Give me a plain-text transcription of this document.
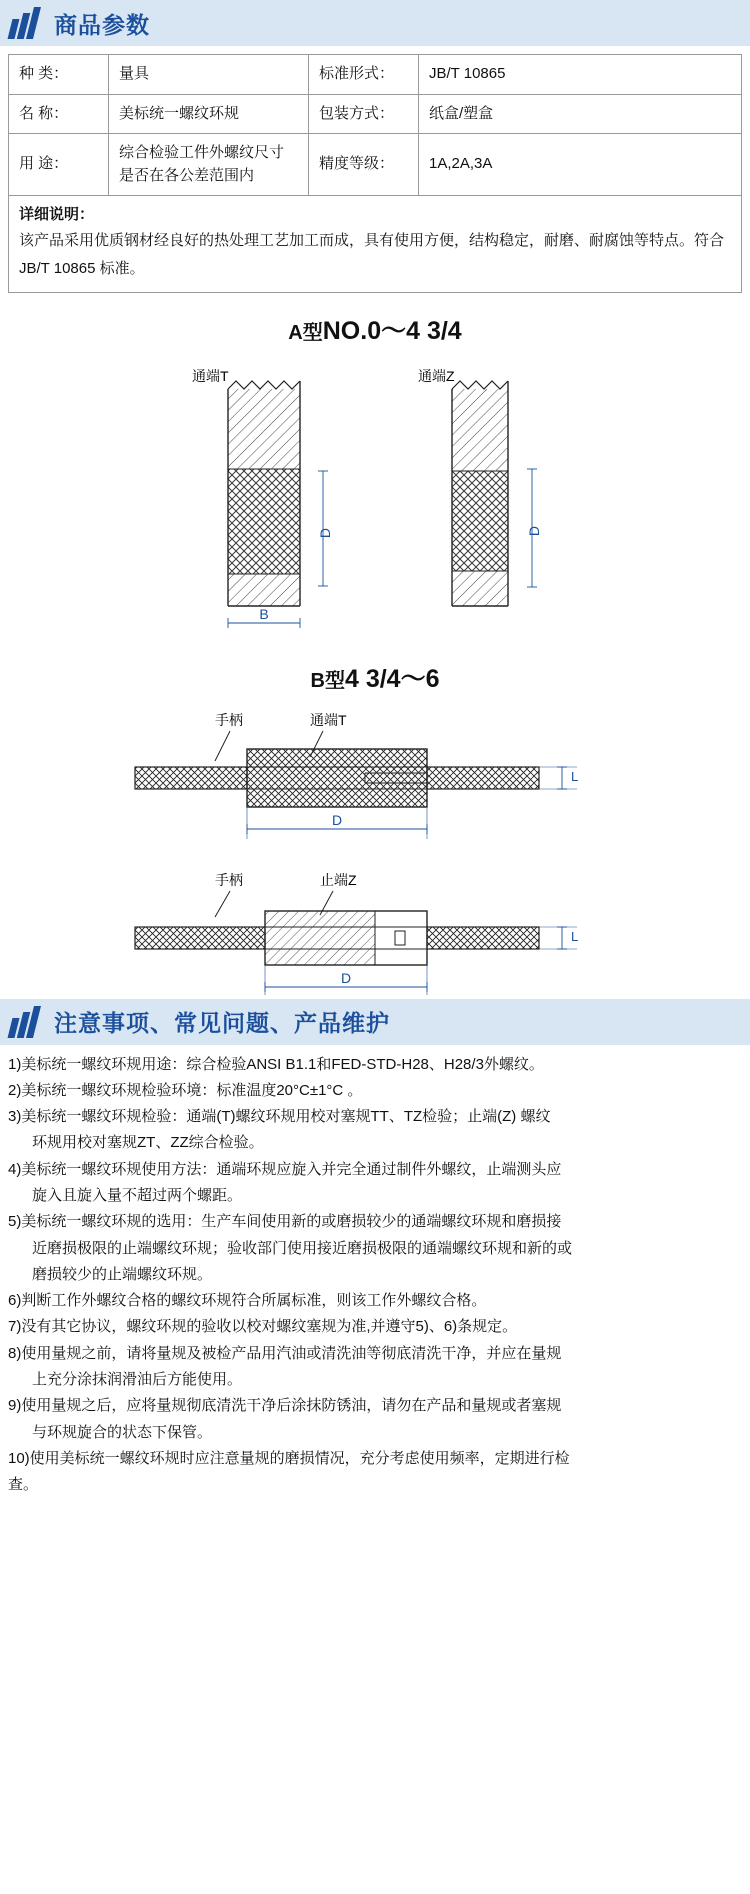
商品参数
种 类：	量具	标准形式：	JB/T 10865
名 称：	美标统一螺纹环规	包装方式：	纸盒/塑盒
用 途：	综合检验工件外螺纹尺寸是否在各公差范围内	精度等级：	1A,2A,3A

详细说明：
该产品采用优质钢材经良好的热处理工艺加工而成，具有使用方便，结构稳定，耐磨、耐腐蚀等特点。符合 JB/T 10865 标准。			
A型NO.0～4 3/4
通端T
D
B
通端Z
D
B型4 3/4～6
手柄	通端T
L
D
手柄	止端Z
L
D
注意事项、常见问题、产品维护

1)美标统一螺纹环规用途：综合检验ANSI B1.1和FED-STD-H28、H28/3外螺纹。

2)美标统一螺纹环规检验环境：标准温度20°C±1°C 。

3)美标统一螺纹环规检验：通端(T)螺纹环规用校对塞规TT、TZ检验；止端(Z) 螺纹

环规用校对塞规ZT、ZZ综合检验。

4)美标统一螺纹环规使用方法：通端环规应旋入并完全通过制件外螺纹，止端测头应

旋入且旋入量不超过两个螺距。

5)美标统一螺纹环规的选用：生产车间使用新的或磨损较少的通端螺纹环规和磨损接

近磨损极限的止端螺纹环规；验收部门使用接近磨损极限的通端螺纹环规和新的或

磨损较少的止端螺纹环规。

6)判断工作外螺纹合格的螺纹环规符合所属标准，则该工作外螺纹合格。

7)没有其它协议，螺纹环规的验收以校对螺纹塞规为准,并遵守5)、6)条规定。

8)使用量规之前，请将量规及被检产品用汽油或清洗油等彻底清洗干净，并应在量规

上充分涂抹润滑油后方能使用。

9)使用量规之后，应将量规彻底清洗干净后涂抹防锈油，请勿在产品和量规或者塞规

与环规旋合的状态下保管。

10)使用美标统一螺纹环规时应注意量规的磨损情况，充分考虑使用频率，定期进行检

查。
